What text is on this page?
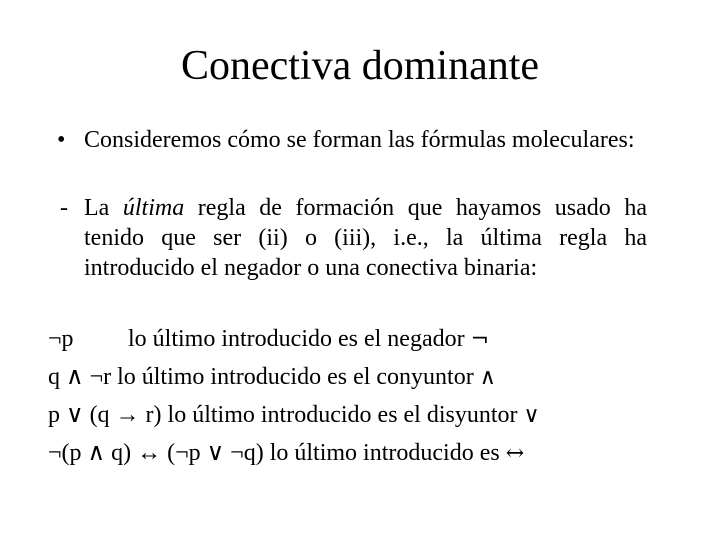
Conectiva dominante
• Consideremos cómo se forman las fórmulas moleculares:
- La última regla de formación que hayamos usado ha tenido que ser (ii) o (iii), i.e., la última regla ha introducido el negador o una conectiva binaria:
¬p lo último introducido es el negador ¬
q ∧ ¬r lo último introducido es el conyuntor ∧
p ∨ (q → r) lo último introducido es el disyuntor ∨
¬(p ∧ q) ↔ (¬p ∨ ¬q) lo último introducido es ↔
